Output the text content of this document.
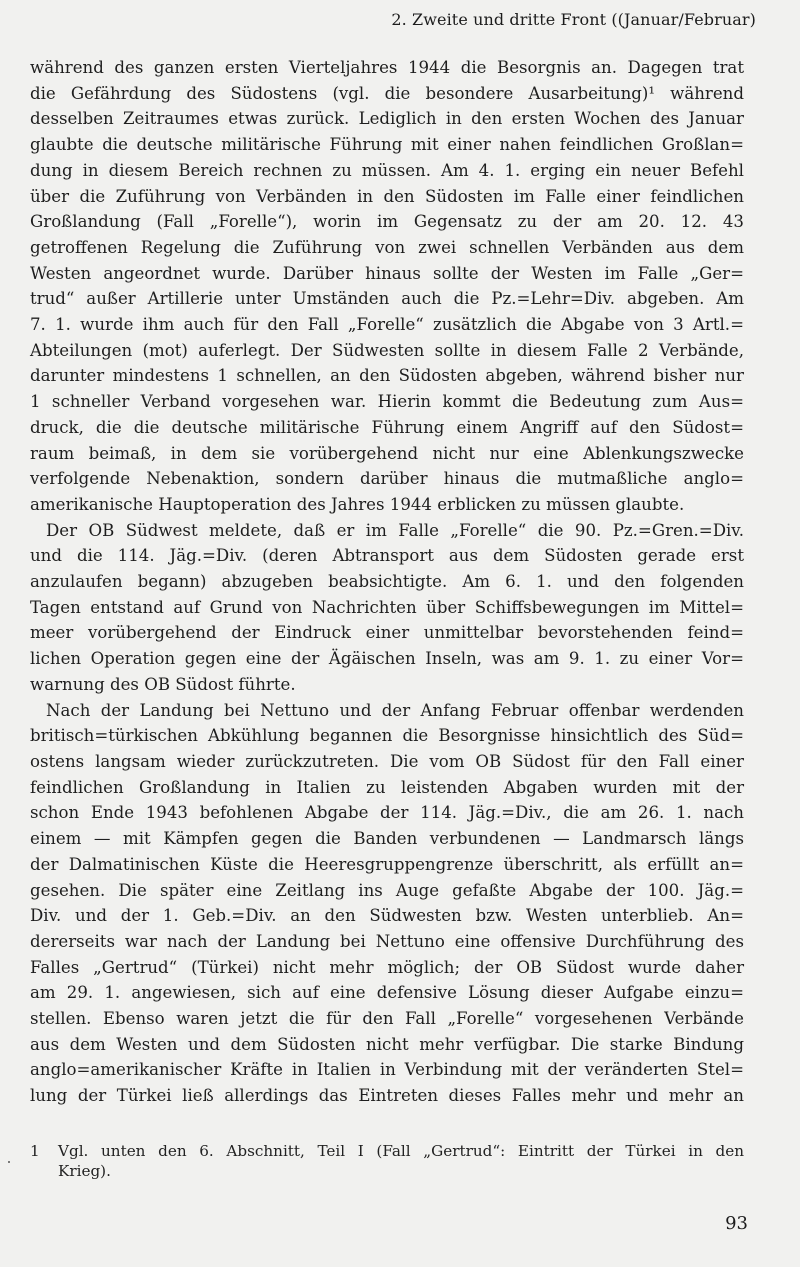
2. Zweite und dritte Front ((Januar/Februar)

während des ganzen ersten Vierteljahres 1944 die Besorgnis an. Dagegen trat
die Gefährdung des Südostens (vgl. die besondere Ausarbeitung)¹ während
desselben Zeitraumes etwas zurück. Lediglich in den ersten Wochen des Januar
glaubte die deutsche militärische Führung mit einer nahen feindlichen Großlan=
dung in diesem Bereich rechnen zu müssen. Am 4. 1. erging ein neuer Befehl
über die Zuführung von Verbänden in den Südosten im Falle einer feindlichen
Großlandung (Fall „Forelle“), worin im Gegensatz zu der am 20. 12. 43
getroffenen Regelung die Zuführung von zwei schnellen Verbänden aus dem
Westen angeordnet wurde. Darüber hinaus sollte der Westen im Falle „Ger=
trud“ außer Artillerie unter Umständen auch die Pz.=Lehr=Div. abgeben. Am
7. 1. wurde ihm auch für den Fall „Forelle“ zusätzlich die Abgabe von 3 Artl.=
Abteilungen (mot) auferlegt. Der Südwesten sollte in diesem Falle 2 Verbände,
darunter mindestens 1 schnellen, an den Südosten abgeben, während bisher nur
1 schneller Verband vorgesehen war. Hierin kommt die Bedeutung zum Aus=
druck, die die deutsche militärische Führung einem Angriff auf den Südost=
raum beimaß, in dem sie vorübergehend nicht nur eine Ablenkungszwecke
verfolgende Nebenaktion, sondern darüber hinaus die mutmaßliche anglo=
amerikanische Hauptoperation des Jahres 1944 erblicken zu müssen glaubte.

Der OB Südwest meldete, daß er im Falle „Forelle“ die 90. Pz.=Gren.=Div.
und die 114. Jäg.=Div. (deren Abtransport aus dem Südosten gerade erst
anzulaufen begann) abzugeben beabsichtigte. Am 6. 1. und den folgenden
Tagen entstand auf Grund von Nachrichten über Schiffsbewegungen im Mittel=
meer vorübergehend der Eindruck einer unmittelbar bevorstehenden feind=
lichen Operation gegen eine der Ägäischen Inseln, was am 9. 1. zu einer Vor=
warnung des OB Südost führte.

Nach der Landung bei Nettuno und der Anfang Februar offenbar werdenden
britisch=türkischen Abkühlung begannen die Besorgnisse hinsichtlich des Süd=
ostens langsam wieder zurückzutreten. Die vom OB Südost für den Fall einer
feindlichen Großlandung in Italien zu leistenden Abgaben wurden mit der
schon Ende 1943 befohlenen Abgabe der 114. Jäg.=Div., die am 26. 1. nach
einem — mit Kämpfen gegen die Banden verbundenen — Landmarsch längs
der Dalmatinischen Küste die Heeresgruppengrenze überschritt, als erfüllt an=
gesehen. Die später eine Zeitlang ins Auge gefaßte Abgabe der 100. Jäg.=
Div. und der 1. Geb.=Div. an den Südwesten bzw. Westen unterblieb. An=
dererseits war nach der Landung bei Nettuno eine offensive Durchführung des
Falles „Gertrud“ (Türkei) nicht mehr möglich; der OB Südost wurde daher
am 29. 1. angewiesen, sich auf eine defensive Lösung dieser Aufgabe einzu=
stellen. Ebenso waren jetzt die für den Fall „Forelle“ vorgesehenen Verbände
aus dem Westen und dem Südosten nicht mehr verfügbar. Die starke Bindung
anglo=amerikanischer Kräfte in Italien in Verbindung mit der veränderten Stel=
lung der Türkei ließ allerdings das Eintreten dieses Falles mehr und mehr an

1 Vgl. unten den 6. Abschnitt, Teil I (Fall „Gertrud“: Eintritt der Türkei in den
Krieg).
93
